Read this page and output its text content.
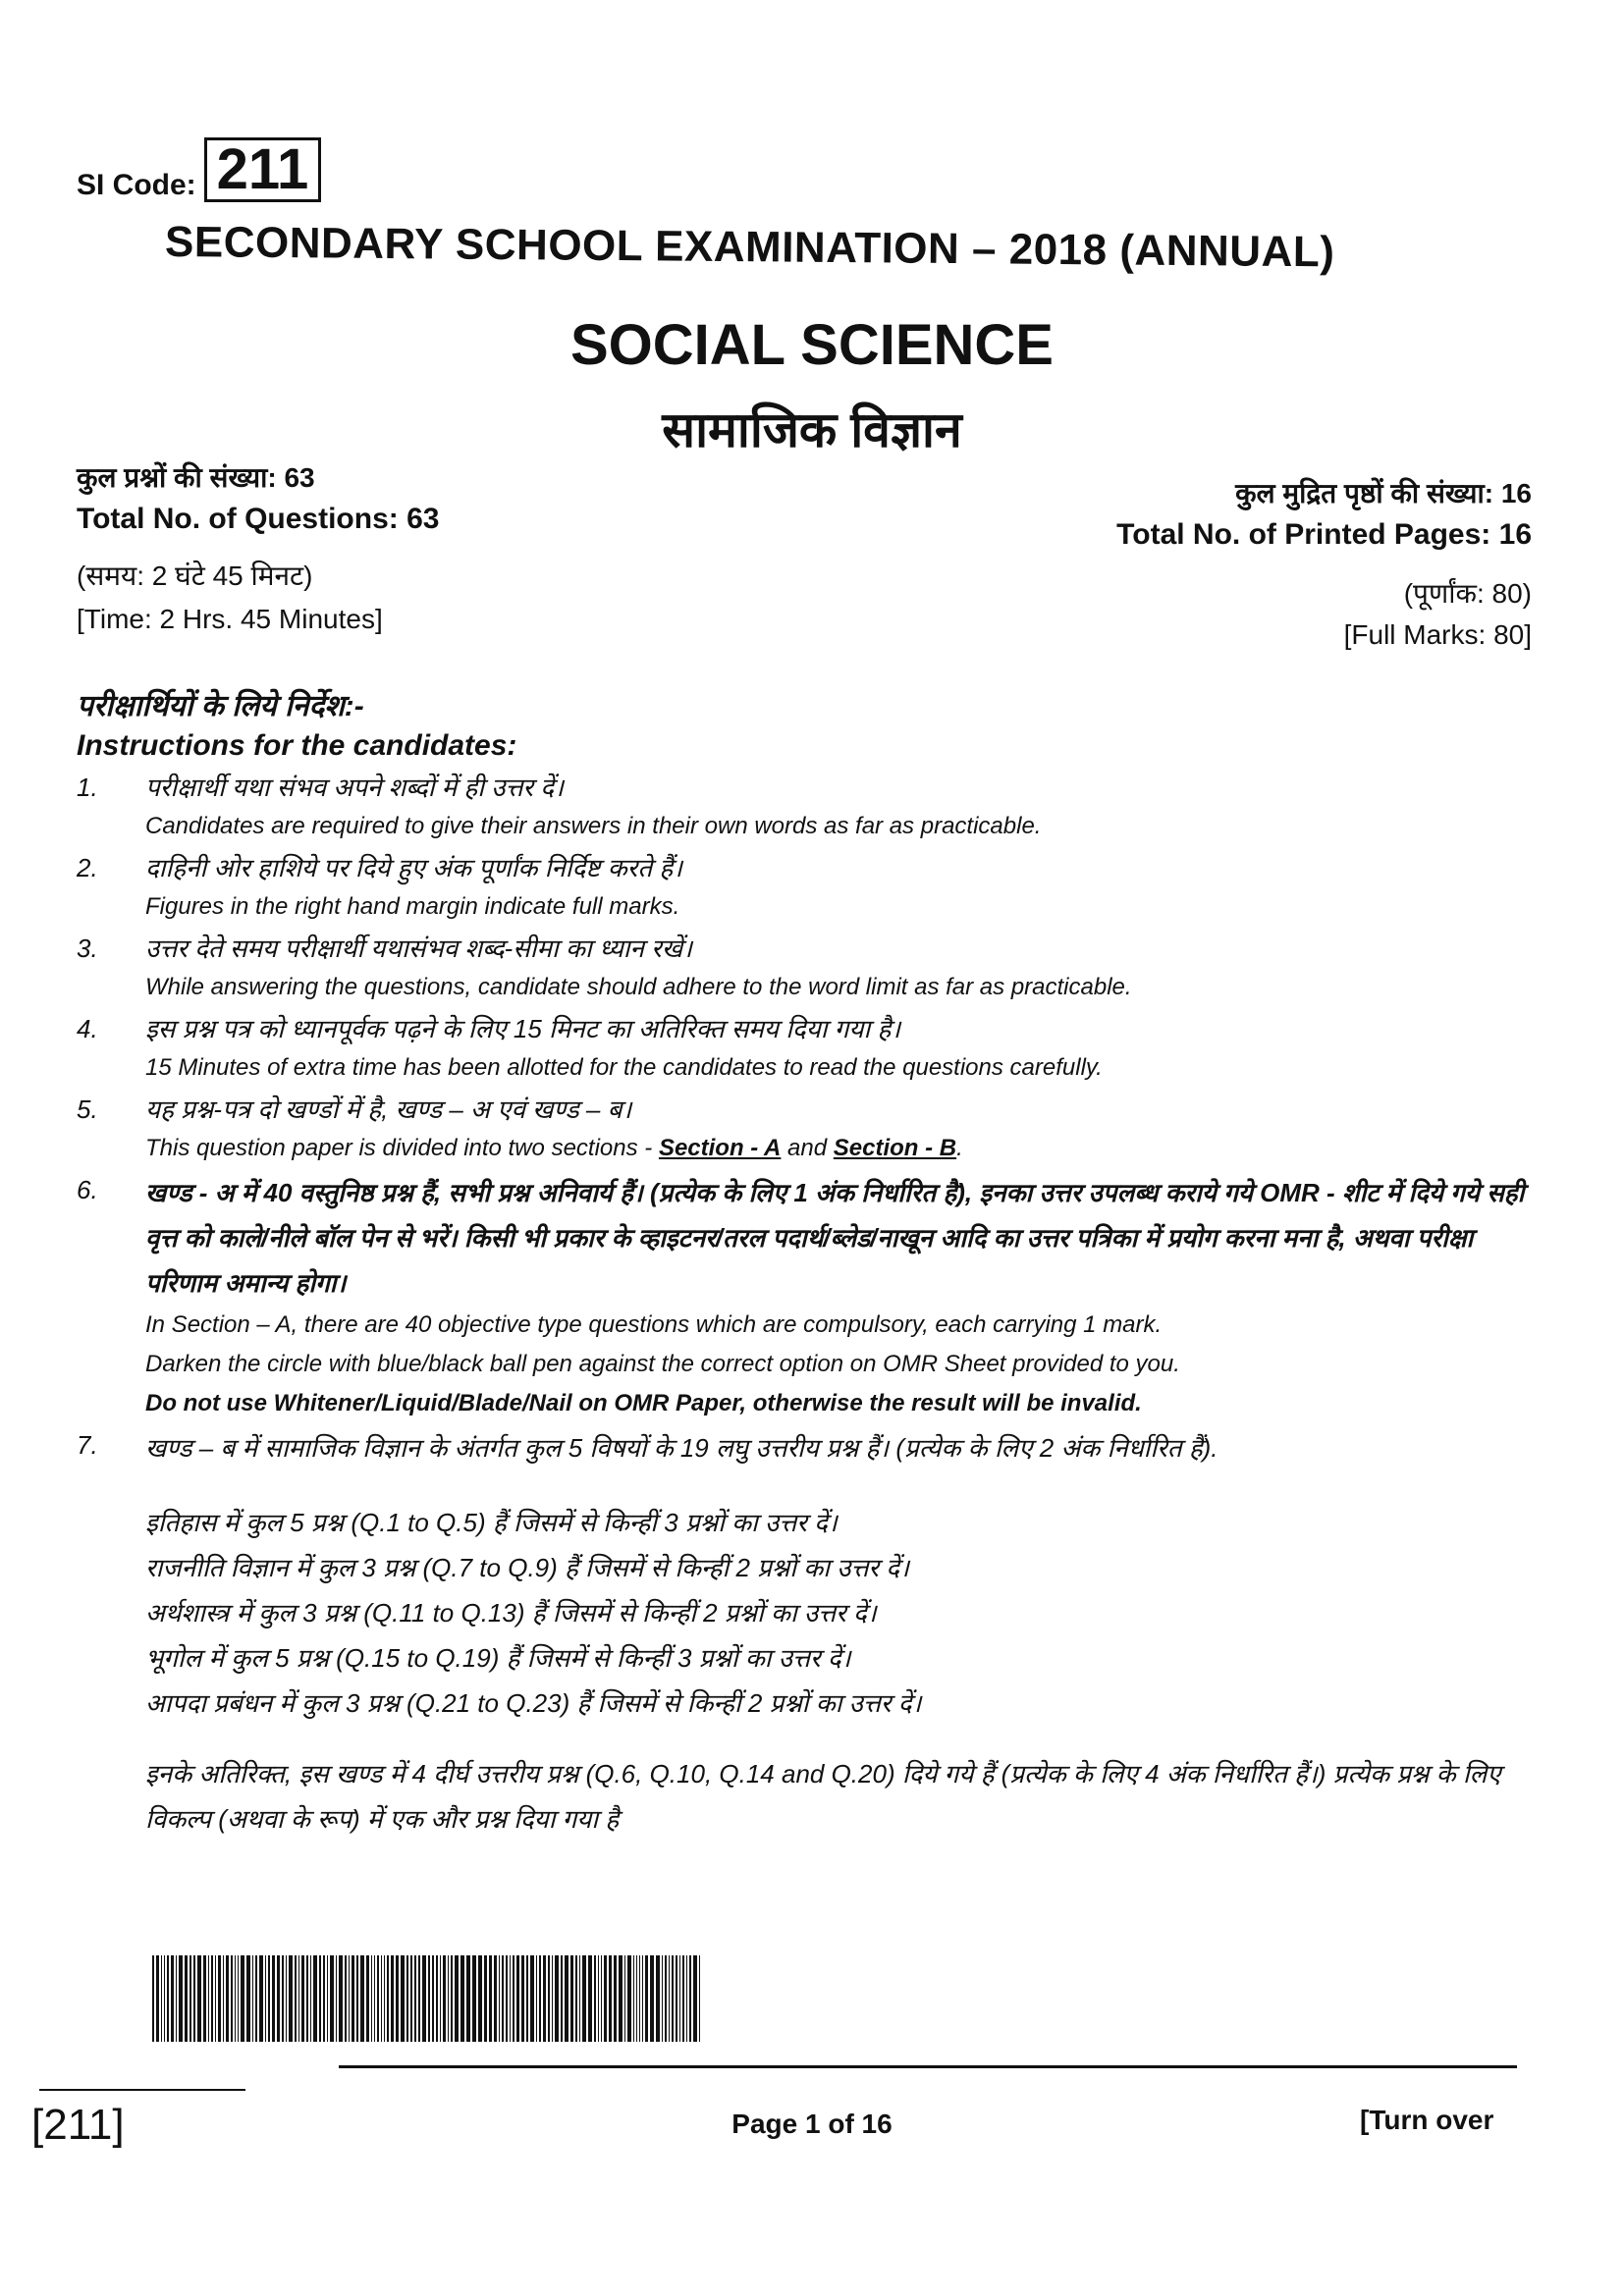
SI Code: 211
SECONDARY SCHOOL EXAMINATION – 2018 (ANNUAL)
SOCIAL SCIENCE
सामाजिक विज्ञान
कुल प्रश्नों की संख्या: 63
Total No. of Questions: 63
(समय: 2 घंटे 45 मिनट)
[Time: 2 Hrs. 45 Minutes]
कुल मुद्रित पृष्ठों की संख्या: 16
Total No. of Printed Pages: 16
(पूर्णांक: 80)
[Full Marks: 80]
परीक्षार्थियों के लिये निर्देश:-
Instructions for the candidates:
1.	परीक्षार्थी यथा संभव अपने शब्दों में ही उत्तर दें।

Candidates are required to give their answers in their own words as far as practicable.

2.	दाहिनी ओर हाशिये पर दिये हुए अंक पूर्णांक निर्दिष्ट करते हैं।

Figures in the right hand margin indicate full marks.

3.	उत्तर देते समय परीक्षार्थी यथासंभव शब्द-सीमा का ध्यान रखें।

While answering the questions, candidate should adhere to the word limit as far as practicable.

4.	इस प्रश्न पत्र को ध्यानपूर्वक पढ़ने के लिए 15 मिनट का अतिरिक्त समय दिया गया है।

15 Minutes of extra time has been allotted for the candidates to read the questions carefully.

5.	यह प्रश्न-पत्र दो खण्डों में है, खण्ड – अ एवं खण्ड – ब।

This question paper is divided into two sections - Section - A and Section - B.

6.	खण्ड - अ में 40 वस्तुनिष्ठ प्रश्न हैं, सभी प्रश्न अनिवार्य हैं। (प्रत्येक के लिए 1 अंक निर्धारित है), इनका उत्तर उपलब्ध कराये गये OMR - शीट में दिये गये सही वृत्त को काले/नीले बॉल पेन से भरें। किसी भी प्रकार के व्हाइटनर/तरल पदार्थ/ब्लेड/नाखून आदि का उत्तर पत्रिका में प्रयोग करना मना है, अथवा परीक्षा परिणाम अमान्य होगा।

In Section – A, there are 40 objective type questions which are compulsory, each carrying 1 mark.

Darken the circle with blue/black ball pen against the correct option on OMR Sheet provided to you.

Do not use Whitener/Liquid/Blade/Nail on OMR Paper, otherwise the result will be invalid.

7.	खण्ड – ब में सामाजिक विज्ञान के अंतर्गत कुल 5 विषयों के 19 लघु उत्तरीय प्रश्न हैं। (प्रत्येक के लिए 2 अंक निर्धारित हैं).

इतिहास में कुल 5 प्रश्न (Q.1 to Q.5) हैं जिसमें से किन्हीं 3 प्रश्नों का उत्तर दें।
राजनीति विज्ञान में कुल 3 प्रश्न (Q.7 to Q.9) हैं जिसमें से किन्हीं 2 प्रश्नों का उत्तर दें।
अर्थशास्त्र में कुल 3 प्रश्न (Q.11 to Q.13) हैं जिसमें से किन्हीं 2 प्रश्नों का उत्तर दें।
भूगोल में कुल 5 प्रश्न (Q.15 to Q.19) हैं जिसमें से किन्हीं 3 प्रश्नों का उत्तर दें।
आपदा प्रबंधन में कुल 3 प्रश्न (Q.21 to Q.23) हैं जिसमें से किन्हीं 2 प्रश्नों का उत्तर दें।
इनके अतिरिक्त, इस खण्ड में 4 दीर्घ उत्तरीय प्रश्न (Q.6, Q.10, Q.14 and Q.20) दिये गये हैं (प्रत्येक के लिए 4 अंक निर्धारित हैं।) प्रत्येक प्रश्न के लिए विकल्प (अथवा के रूप) में एक और प्रश्न दिया गया है
[211]	Page 1 of 16	[Turn over
